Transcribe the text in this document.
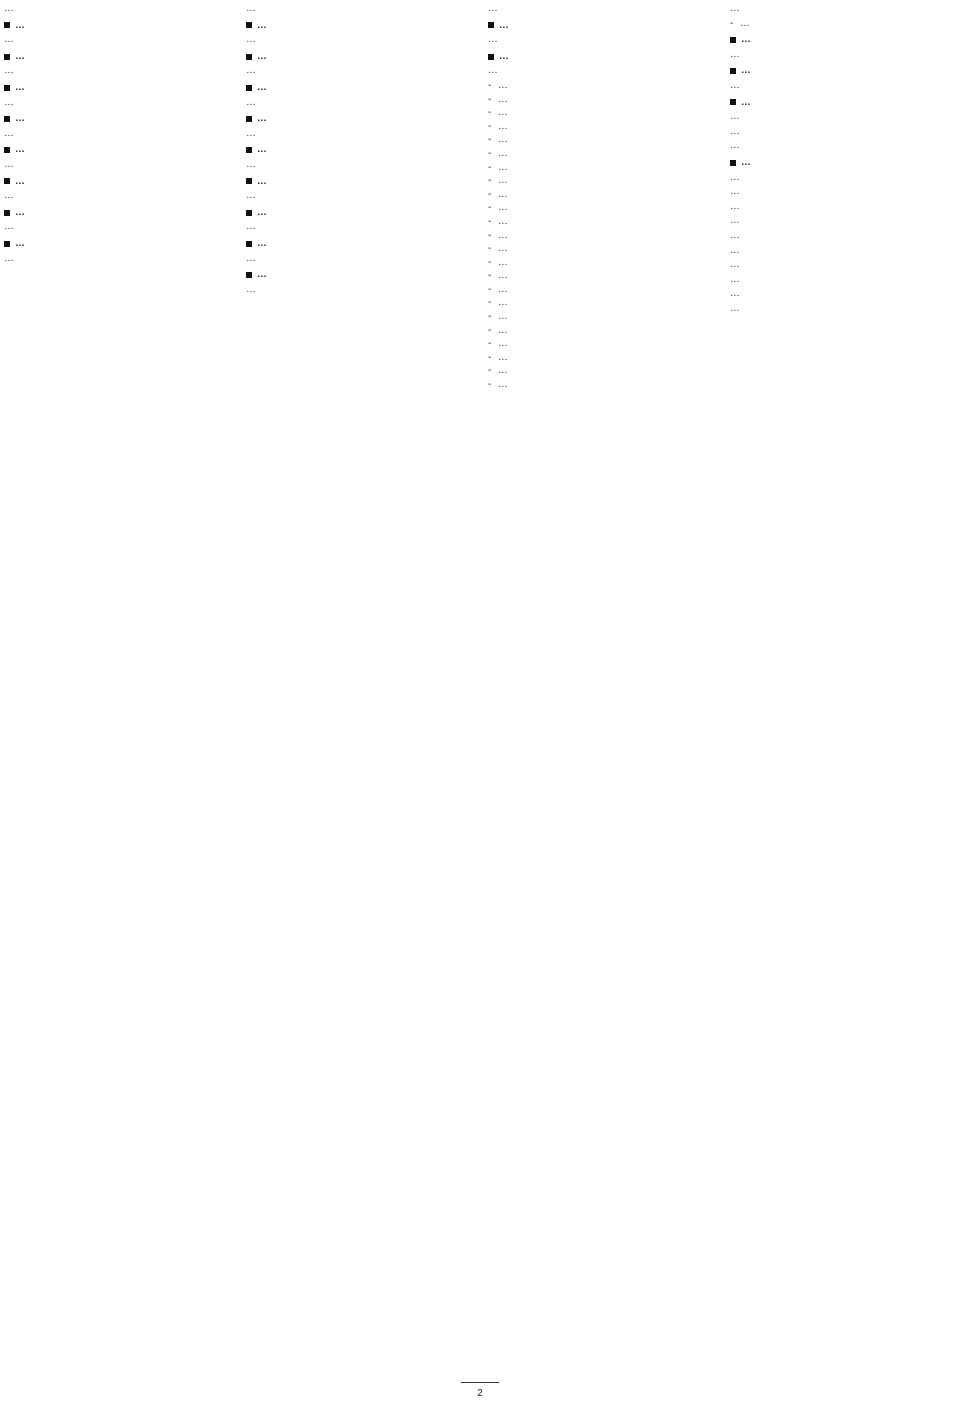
…

…

…

…

…

…

…

…

…

…

…

…

…

…

…

…

…

…

…

…

…

…

…

…

…

…

…

…

…

…

…

…

…

…

…

…

…

…

…

…

…

- …
- …
- …
- …
- …
- …
- …
- …
- …
- …
- …
- …
- …
- …
- …
- …
- …
- …
- …
- …
- …
- …
- …

…

- …
…

…

…

…

…

…

…

…

…

…

…

…

…

…

…

…

…

…

…

2
